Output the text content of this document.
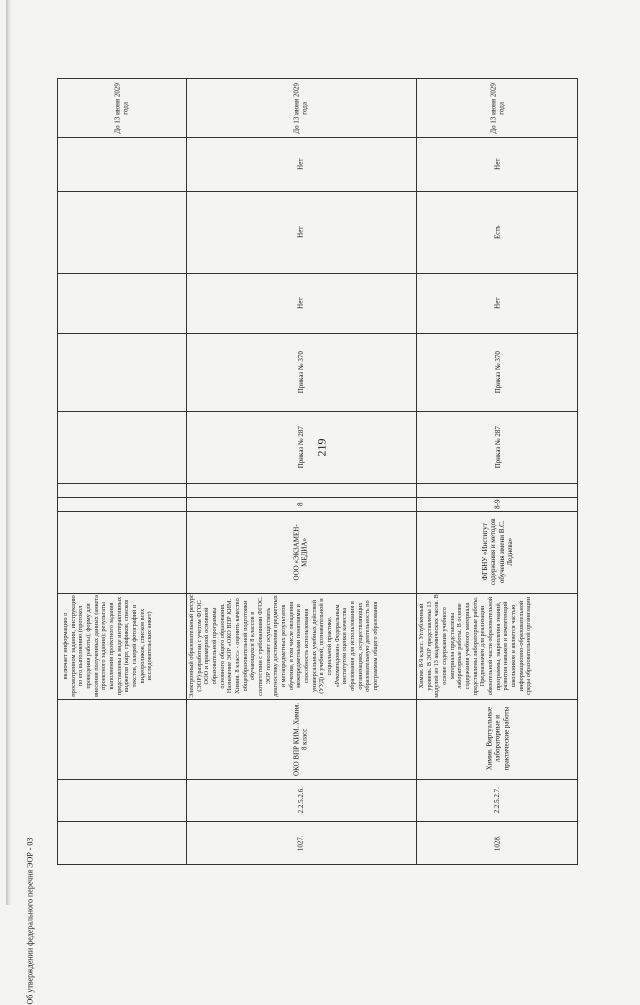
219
Об утверждении федерального перечня ЭОР - 03
До 13 июня 2029 года
включает информацию о просмотренном задании, инструкцию по его выполнению (протокол проведения работы), форму для внесения полученных данных (анкета проектного задания); результаты выполнения проектного задания представлены в виде интерактивных виджетов (карт, графиков, списков текстов, галерей фотографий и видеороликов, списков всех исследовательских анкет)
До 13 июня 2029 года
Нет
Нет
Нет
Приказ № 370
Приказ № 287
8
ООО «ЭКЗАМЕН-МЕДИА»
Электронный образовательный ресурс (ЭОР) разработан с учетом ФГОС ООО и примерной основной образовательной программы основного общего образования. Назначение ЭОР «ОКО ВПР КИМ. Химия. 8 класс» - оценить качество общеобразовательной подготовки обучающихся 8 классов в соответствии с требованиями ФГОС. ЭОР позволяет осуществить диагностику достижения предметных и метапредметных результатов обучения, в том числе овладения межпредметными понятиями и способность использования универсальных учебных действий (УУД) в учебной, познавательной и социальной практике. «Рекомендован» Федеральным институтом оценки качества образования для использования в организациях, осуществляющих образовательную деятельность по программам общего образования
ОКО ВПР КИМ. Химия. 8 класс
2.2.5.2.6.
1027.
До 13 июня 2029 года
Нет
Есть
Нет
Приказ № 370
Приказ № 287
8-9
ФГБНУ «Институт содержания и методов обучения имени В.С. Леднева»
Химия. 8-9 класс. Углубленный уровень. В ЭОР представлены 13 модулей из 13 академических часов. В основе содержания учебного материала представлены лабораторные работы. В основе содержания учебного материала представлены лабораторные работы. Предназначен для реализации обязательной части образовательной программы, закрепления знаний, развития навыков и компетенций школьников и является частью информационно-образовательной среды образовательной организации
Химия. Виртуальные лабораторные и практические работы
2.2.5.2.7.
1028.
